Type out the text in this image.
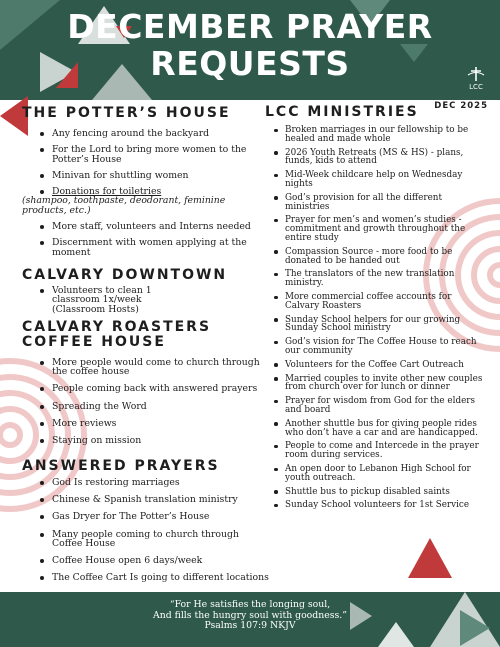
DECEMBER PRAYER
REQUESTS
LCC
DEC 2025
THE POTTER’S HOUSE
Any fencing around the backyard
For the Lord to bring more women to the Potter’s House
Minivan for shuttling women
Donations for toiletries
(shampoo, toothpaste, deodorant, feminine products, etc.)
More staff, volunteers and Interns needed
Discernment with women applying at the moment
CALVARY DOWNTOWN
Volunteers to clean 1 classroom 1x/week (Classroom Hosts)
CALVARY ROASTERS
COFFEE HOUSE
More people would come to church through the coffee house
People coming back with answered prayers
Spreading the Word
More reviews
Staying on mission
ANSWERED PRAYERS
God Is restoring marriages
Chinese & Spanish translation ministry
Gas Dryer for The Potter’s House
Many people coming to church through Coffee House
Coffee House open 6 days/week
The Coffee Cart Is going to different locations
LCC MINISTRIES
Broken marriages in our fellowship to be healed and made whole
2026 Youth Retreats (MS & HS) - plans, funds, kids to attend
Mid-Week childcare help on Wednesday nights
God’s provision for all the different ministries
Prayer for men’s and women’s studies - commitment and growth throughout the entire study
Compassion Source - more food to be donated to be handed out
The translators of the new translation ministry.
More commercial coffee accounts for Calvary Roasters
Sunday School helpers for our growing Sunday School ministry
God’s vision for The Coffee House to reach our community
Volunteers for the Coffee Cart Outreach
Married couples to invite other new couples from church over for lunch or dinner
Prayer for wisdom from God for the elders and board
Another shuttle bus for giving people rides who don’t have a car and are handicapped.
People to come and Intercede in the prayer room during services.
An open door to Lebanon High School for youth outreach.
Shuttle bus to pickup disabled saints
Sunday School volunteers for 1st Service
“For He satisfies the longing soul,
And fills the hungry soul with goodness.”
Psalms 107:9 NKJV
